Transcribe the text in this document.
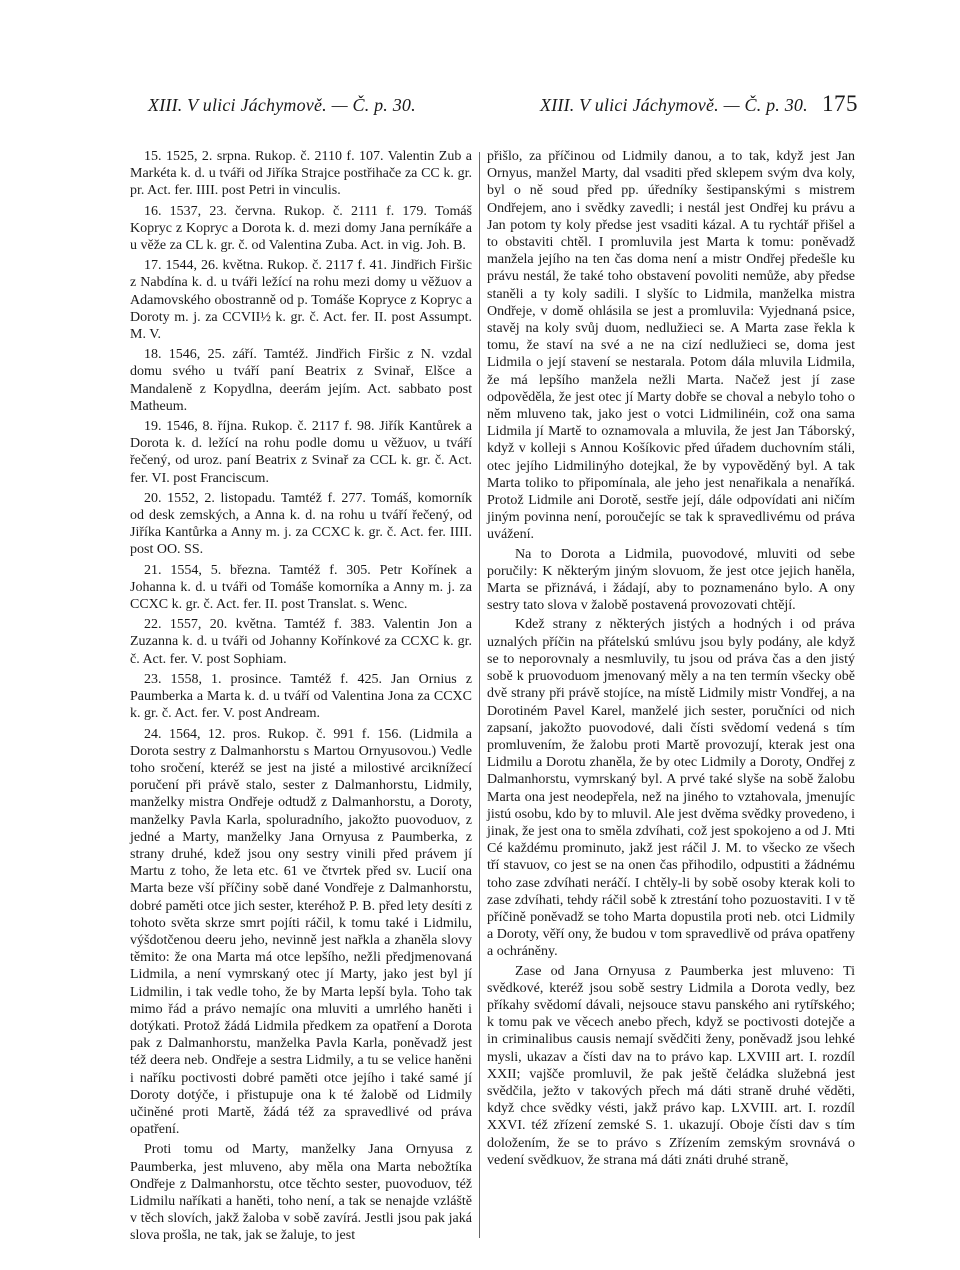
XIII. V ulici Jáchymově. — Č. p. 30.	XIII. V ulici Jáchymově. — Č. p. 30. 175

15. 1525, 2. srpna. Rukop. č. 2110 f. 107. Valentin Zub a Markéta k. d. u tváři od Jiříka Strajce postřihače za CC k. gr. pr. Act. fer. IIII. post Petri in vinculis.

16. 1537, 23. června. Rukop. č. 2111 f. 179. Tomáš Kopryc z Kopryc a Dorota k. d. mezi domy Jana perníkáře a u věže za CL k. gr. č. od Valentina Zuba. Act. in vig. Joh. B.

17. 1544, 26. května. Rukop. č. 2117 f. 41. Jindřich Firšic z Nabdína k. d. u tváři ležící na rohu mezi domy u věžuov a Adamovského obostranně od p. Tomáše Kopryce z Kopryc a Doroty m. j. za CCVII½ k. gr. č. Act. fer. II. post Assumpt. M. V.

18. 1546, 25. září. Tamtéž. Jindřich Firšic z N. vzdal domu svého u tváří paní Beatrix z Svinař, Elšce a Mandaleně z Kopydlna, deerám jejím. Act. sabbato post Matheum.

19. 1546, 8. října. Rukop. č. 2117 f. 98. Jiřík Kantůrek a Dorota k. d. ležící na rohu podle domu u věžuov, u tváří řečený, od uroz. paní Beatrix z Svinař za CCL k. gr. č. Act. fer. VI. post Franciscum.

20. 1552, 2. listopadu. Tamtéž f. 277. Tomáš, komorník od desk zemských, a Anna k. d. na rohu u tváří řečený, od Jiříka Kantůrka a Anny m. j. za CCXC k. gr. č. Act. fer. IIII. post OO. SS.

21. 1554, 5. března. Tamtéž f. 305. Petr Kořínek a Johanna k. d. u tváři od Tomáše komorníka a Anny m. j. za CCXC k. gr. č. Act. fer. II. post Translat. s. Wenc.

22. 1557, 20. května. Tamtéž f. 383. Valentin Jon a Zuzanna k. d. u tváři od Johanny Kořínkové za CCXC k. gr. č. Act. fer. V. post Sophiam.

23. 1558, 1. prosince. Tamtéž f. 425. Jan Ornius z Paumberka a Marta k. d. u tváří od Valentina Jona za CCXC k. gr. č. Act. fer. V. post Andream.

24. 1564, 12. pros. Rukop. č. 991 f. 156. (Lidmila a Dorota sestry z Dalmanhorstu s Martou Ornyusovou.) Vedle toho sročení, kteréž se jest na jisté a milostivé arciknížecí poručení při právě stalo, sester z Dalmanhorstu, Lidmily, manželky mistra Ondřeje odtudž z Dalmanhorstu, a Doroty, manželky Pavla Karla, spoluradního, jakožto puovoduov, z jedné a Marty, manželky Jana Ornyusa z Paumberka, z strany druhé, kdež jsou ony sestry vinili před právem jí Martu z toho, že leta etc. 61 ve čtvrtek před sv. Lucií ona Marta beze vší příčiny sobě dané Vondřeje z Dalmanhorstu, dobré paměti otce jich sester, kteréhož P. B. před lety desíti z tohoto světa skrze smrt pojíti ráčil, k tomu také i Lidmilu, výšdotčenou deeru jeho, nevinně jest nařkla a zhaněla slovy těmito: že ona Marta má otce lepšího, nežli předjmenovaná Lidmila, a není vymrskaný otec jí Marty, jako jest byl jí Lidmilin, i tak vedle toho, že by Marta lepší byla. Toho tak mimo řád a právo nemajíc ona mluviti a umrlého haněti i dotýkati. Protož žádá Lidmila předkem za opatření a Dorota pak z Dalmanhorstu, manželka Pavla Karla, poněvadž jest též deera neb. Ondřeje a sestra Lidmily, a tu se velice haněni i naříku poctivosti dobré paměti otce jejího i také samé jí Doroty dotýče, i přistupuje ona k té žalobě od Lidmily učiněné proti Martě, žádá též za spravedlivé od práva opatření.

Proti tomu od Marty, manželky Jana Ornyusa z Paumberka, jest mluveno, aby měla ona Marta nebožtíka Ondřeje z Dalmanhorstu, otce těchto sester, puovoduov, též Lidmilu naříkati a haněti, toho není, a tak se nenajde vzláště v těch slovích, jakž žaloba v sobě zavírá. Jestli jsou pak jaká slova prošla, ne tak, jak se žaluje, to jest

přišlo, za příčinou od Lidmily danou, a to tak, když jest Jan Ornyus, manžel Marty, dal vsaditi před sklepem svým dva koly, byl o ně soud před pp. úředníky šestipanskými s mistrem Ondřejem, ano i svědky zavedli; i nestál jest Ondřej ku právu a Jan potom ty koly předse jest vsaditi kázal. A tu rychtář přišel a to obstaviti chtěl. I promluvila jest Marta k tomu: poněvadž manžela jejího na ten čas doma není a mistr Ondřej předešle ku právu nestál, že také toho obstavení povoliti nemůže, aby předse staněli a ty koly sadili. I slyšíc to Lidmila, manželka mistra Ondřeje, v domě ohlásila se jest a promluvila: Vyjednaná psice, stavěj na koly svůj duom, nedlužieci se. A Marta zase řekla k tomu, že staví na své a ne na cizí nedlužieci se, doma jest Lidmila o její stavení se nestarala. Potom dála mluvila Lidmila, že má lepšího manžela nežli Marta. Načež jest jí zase odpověděla, že jest otec jí Marty dobře se choval a nebylo toho o něm mluveno tak, jako jest o votci Lidmilinéin, což ona sama Lidmila jí Martě to oznamovala a mluvila, že jest Jan Táborský, když v kolleji s Annou Košíkovic před úřadem duchovním stáli, otec jejího Lidmilinýho dotejkal, že by vypověděný byl. A tak Marta toliko to připomínala, ale jeho jest nenařikala a nenaříká. Protož Lidmile ani Dorotě, sestře její, dále odpovídati ani ničím jiným povinna není, poroučejíc se tak k spravedlivému od práva uvážení.

Na to Dorota a Lidmila, puovodové, mluviti od sebe poručily: K některým jiným slovuom, že jest otce jejich haněla, Marta se přiznává, i žádají, aby to poznamenáno bylo. A ony sestry tato slova v žalobě postavená provozovati chtějí.

Kdež strany z některých jistých a hodných i od práva uznalých příčin na přátelskú smlúvu jsou byly podány, ale když se to neporovnaly a nesmluvily, tu jsou od práva čas a den jistý sobě k pruovoduom jmenovaný měly a na ten termín všecky obě dvě strany při právě stojíce, na místě Lidmily mistr Vondřej, a na Dorotiném Pavel Karel, manželé jich sester, poručníci od nich zapsaní, jakožto puovodové, dali čísti svědomí vedená s tím promluvením, že žalobu proti Martě provozují, kterak jest ona Lidmilu a Dorotu zhaněla, že by otec Lidmily a Doroty, Ondřej z Dalmanhorstu, vymrskaný byl. A prvé také slyše na sobě žalobu Marta ona jest neodepřela, než na jiného to vztahovala, jmenujíc jistú osobu, kdo by to mluvil. Ale jest dvěma svědky provedeno, i jinak, že jest ona to směla zdvíhati, což jest spokojeno a od J. Mti Cé každému prominuto, jakž jest ráčil J. M. to všecko ze všech tří stavuov, co jest se na onen čas přihodilo, odpustiti a žádnému toho zase zdvíhati neráčí. I chtěly-li by sobě osoby kterak koli to zase zdvíhati, tehdy ráčil sobě k ztrestání toho pozuostaviti. I v tě příčině poněvadž se toho Marta dopustila proti neb. otci Lidmily a Doroty, věří ony, že budou v tom spravedlivě od práva opatřeny a ochráněny.

Zase od Jana Ornyusa z Paumberka jest mluveno: Ti svědkové, kteréž jsou sobě sestry Lidmila a Dorota vedly, bez příkahy svědomí dávali, nejsouce stavu panského ani rytířského; k tomu pak ve věcech anebo přech, když se poctivosti dotejče a in criminalibus causis nemají svědčiti ženy, poněvadž jsou lehké mysli, ukazav a čísti dav na to právo kap. LXVIII art. I. rozdíl XXII; vajšče promluvil, že pak ještě čeládka služebná jest svědčila, ježto v takových přech má dáti straně druhé věděti, když chce svědky vésti, jakž právo kap. LXVIII. art. I. rozdíl XXVI. též zřízení zemské S. 1. ukazují. Oboje čísti dav s tím doložením, že se to právo s Zřízením zemským srovnává o vedení svědkuov, že strana má dáti znáti druhé straně,
